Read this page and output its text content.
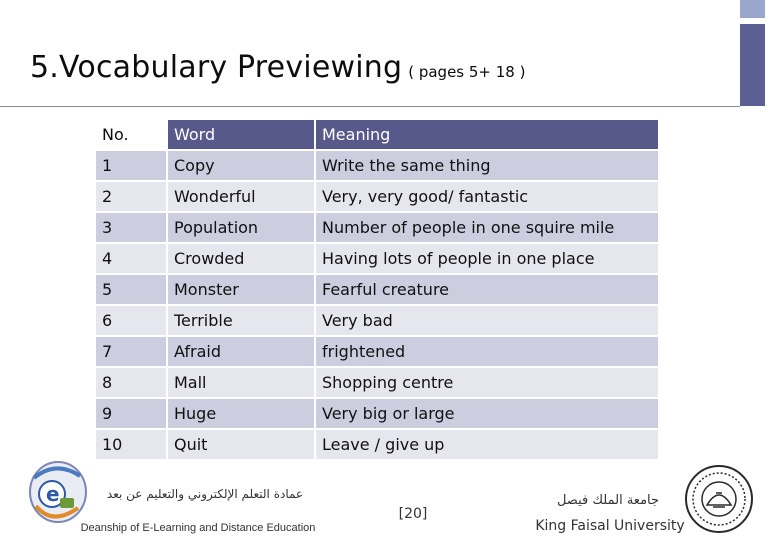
5.Vocabulary Previewing ( pages 5+ 18 )
No.	Word	Meaning
1	Copy	Write the same thing
2	Wonderful	Very, very good/ fantastic
3	Population	Number of people in one squire mile
4	Crowded	Having lots of people in one place
5	Monster	Fearful creature
6	Terrible	Very bad
7	Afraid	frightened
8	Mall	Shopping centre
9	Huge	Very big or large
10	Quit	Leave / give up
e	عمادة التعلم الإلكتروني والتعليم عن بعد
Deanship of E-Learning and Distance Education
[20]
جامعة الملك فيصل
King Faisal University
